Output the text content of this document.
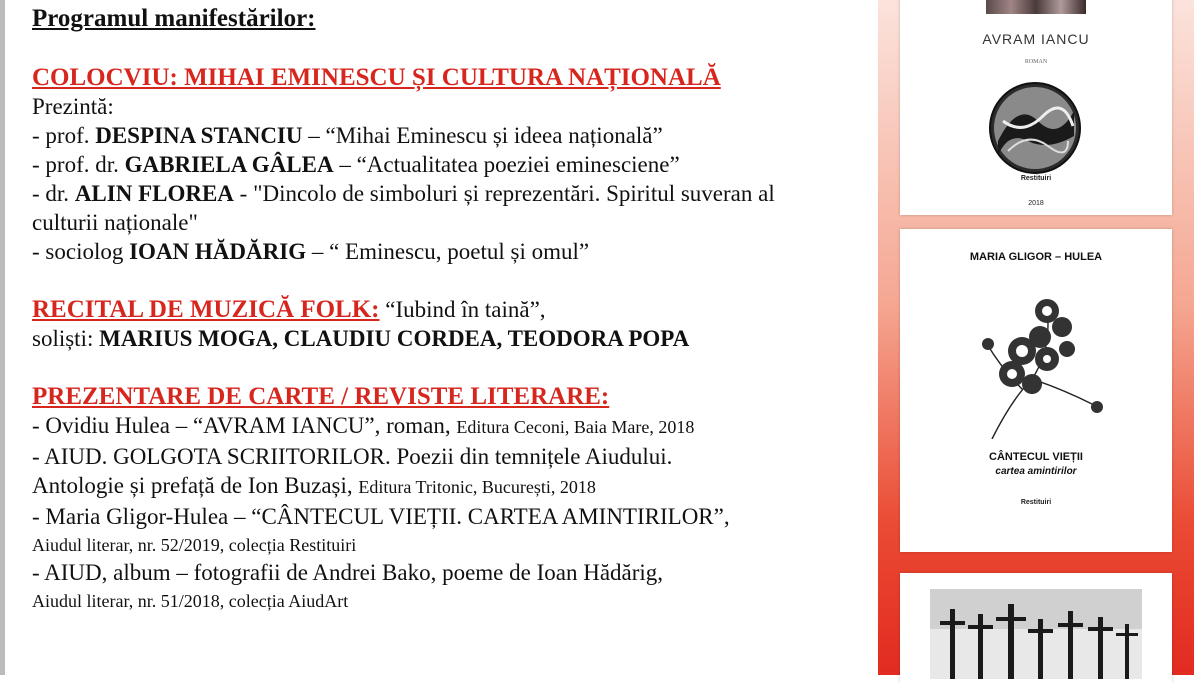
Programul manifestărilor:

COLOCVIU: MIHAI EMINESCU ȘI CULTURA NAȚIONALĂ

Prezintă:

- prof. DESPINA STANCIU – “Mihai Eminescu și ideea națională”

- prof. dr. GABRIELA GÂLEA – “Actualitatea poeziei eminesciene”

- dr. ALIN FLOREA - "Dincolo de simboluri și reprezentări. Spiritul suveran al culturii naționale"

- sociolog IOAN HĂDĂRIG – “ Eminescu, poetul și omul”

RECITAL DE MUZICĂ FOLK: “Iubind în taină”,

soliști: MARIUS MOGA, CLAUDIU CORDEA, TEODORA POPA

PREZENTARE DE CARTE / REVISTE LITERARE:

- Ovidiu Hulea – “AVRAM IANCU”, roman, Editura Ceconi, Baia Mare, 2018

- AIUD. GOLGOTA SCRIITORILOR. Poezii din temnițele Aiudului.

Antologie și prefață de Ion Buzași, Editura Tritonic, București, 2018

- Maria Gligor-Hulea – “CÂNTECUL VIEȚII. CARTEA AMINTIRILOR”,

Aiudul literar, nr. 52/2019, colecția Restituiri

- AIUD, album – fotografii de Andrei Bako, poeme de Ioan Hădărig,

Aiudul literar, nr. 51/2018, colecția AiudArt

AVRAM IANCU
ROMAN
Restituiri
2018
MARIA GLIGOR – HULEA
CÂNTECUL VIEȚII
cartea amintirilor
Restituiri
